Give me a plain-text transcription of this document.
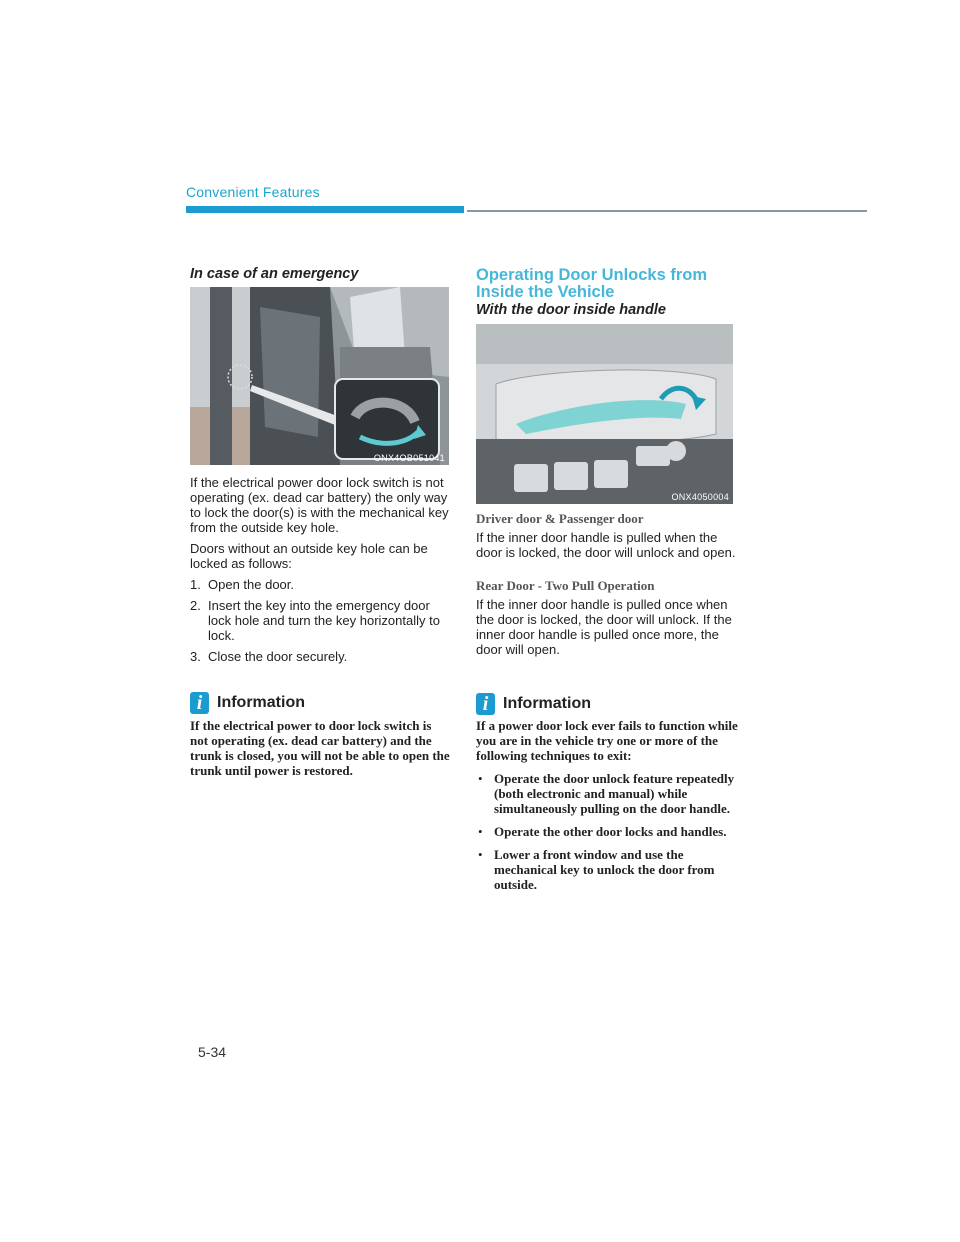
Convenient Features
In case of an emergency
ONX4OB051041

If the electrical power door lock switch is not operating (ex. dead car battery) the only way to lock the door(s) is with the mechanical key from the outside key hole.

Doors without an outside key hole can be locked as follows:

1. Open the door.
2. Insert the key into the emergency door lock hole and turn the key horizontally to lock.
3. Close the door securely.
i Information
If the electrical power to door lock switch is not operating (ex. dead car battery) and the trunk is closed, you will not be able to open the trunk until power is restored.
Operating Door Unlocks from
Inside the Vehicle
With the door inside handle
ONX4050004
Driver door & Passenger door

If the inner door handle is pulled when the door is locked, the door will unlock and open.

Rear Door - Two Pull Operation

If the inner door handle is pulled once when the door is locked, the door will unlock. If the inner door handle is pulled once more, the door will open.

i Information

If a power door lock ever fails to function while you are in the vehicle try one or more of the following techniques to exit:

• Operate the door unlock feature repeatedly (both electronic and manual) while simultaneously pulling on the door handle.
• Operate the other door locks and handles.
• Lower a front window and use the mechanical key to unlock the door from outside.
5-34
